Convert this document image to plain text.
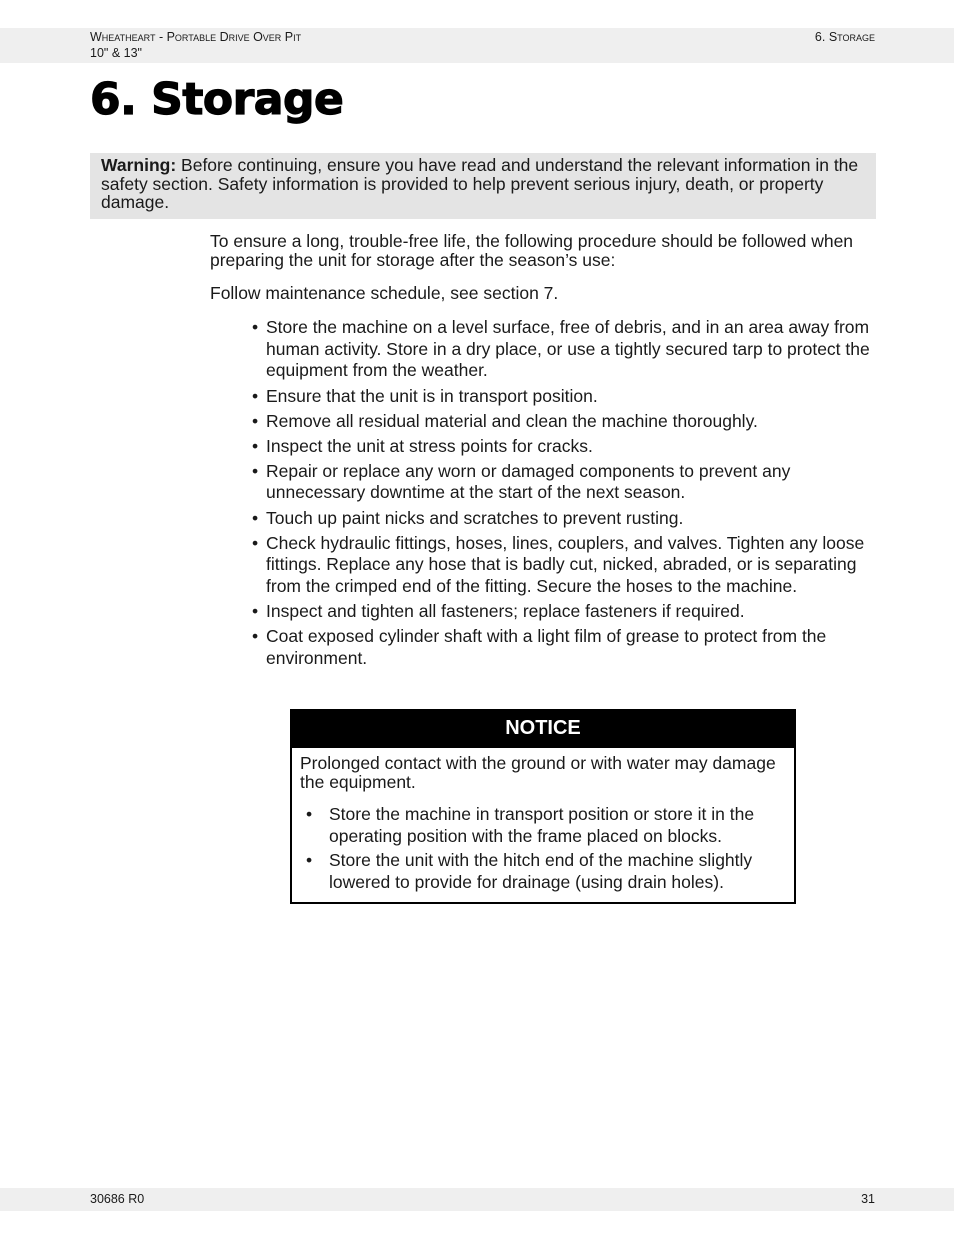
Wheatheart - Portable Drive Over Pit
10" & 13"
6. Storage
6. Storage
Warning: Before continuing, ensure you have read and understand the relevant information in the safety section. Safety information is provided to help prevent serious injury, death, or property damage.

To ensure a long, trouble-free life, the following procedure should be followed when preparing the unit for storage after the season’s use:

Follow maintenance schedule, see section 7.

• Store the machine on a level surface, free of debris, and in an area away from human activity. Store in a dry place, or use a tightly secured tarp to protect the equipment from the weather.
• Ensure that the unit is in transport position.
• Remove all residual material and clean the machine thoroughly.
• Inspect the unit at stress points for cracks.
• Repair or replace any worn or damaged components to prevent any unnecessary downtime at the start of the next season.
• Touch up paint nicks and scratches to prevent rusting.
• Check hydraulic fittings, hoses, lines, couplers, and valves. Tighten any loose fittings. Replace any hose that is badly cut, nicked, abraded, or is separating from the crimped end of the fitting. Secure the hoses to the machine.
• Inspect and tighten all fasteners; replace fasteners if required.
• Coat exposed cylinder shaft with a light film of grease to protect from the environment.
NOTICE

Prolonged contact with the ground or with water may damage the equipment.

• Store the machine in transport position or store it in the operating position with the frame placed on blocks.
• Store the unit with the hitch end of the machine slightly lowered to provide for drainage (using drain holes).
30686 R0	31
